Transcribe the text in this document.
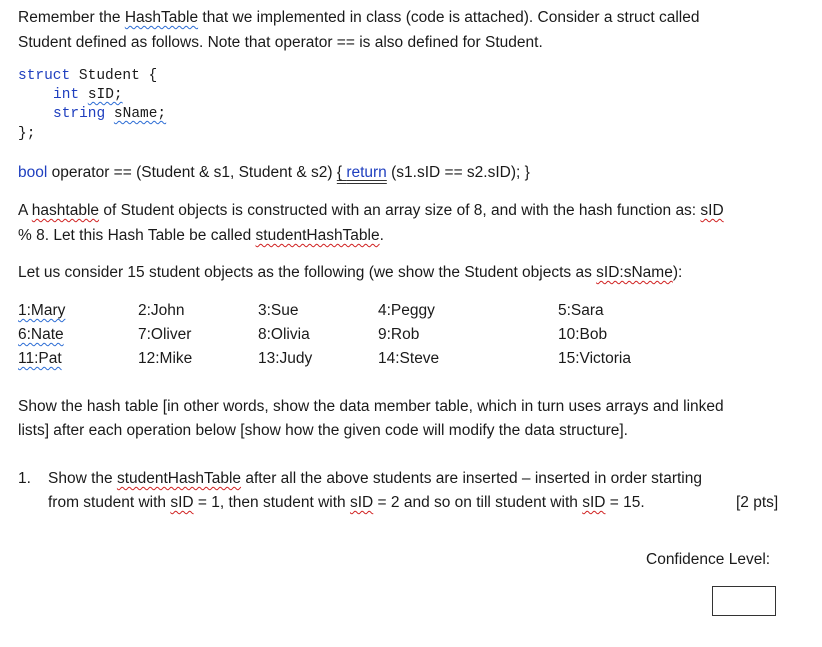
Remember the HashTable that we implemented in class (code is attached). Consider a struct called
Student defined as follows. Note that operator == is also defined for Student.
struct Student {
int sID;
string sName;
};
bool operator == (Student & s1, Student & s2) { return (s1.sID == s2.sID); }
A hashtable of Student objects is constructed with an array size of 8, and with the hash function as: sID
% 8. Let this Hash Table be called studentHashTable.
Let us consider 15 student objects as the following (we show the Student objects as sID:sName):
1:Mary	2:John	3:Sue	4:Peggy	5:Sara
6:Nate	7:Oliver	8:Olivia	9:Rob	10:Bob
11:Pat	12:Mike	13:Judy	14:Steve	15:Victoria
Show the hash table [in other words, show the data member table, which in turn uses arrays and linked
lists] after each operation below [show how the given code will modify the data structure].
1. Show the studentHashTable after all the above students are inserted – inserted in order starting
from student with sID = 1, then student with sID = 2 and so on till student with sID = 15.	[2 pts]
Confidence Level:
